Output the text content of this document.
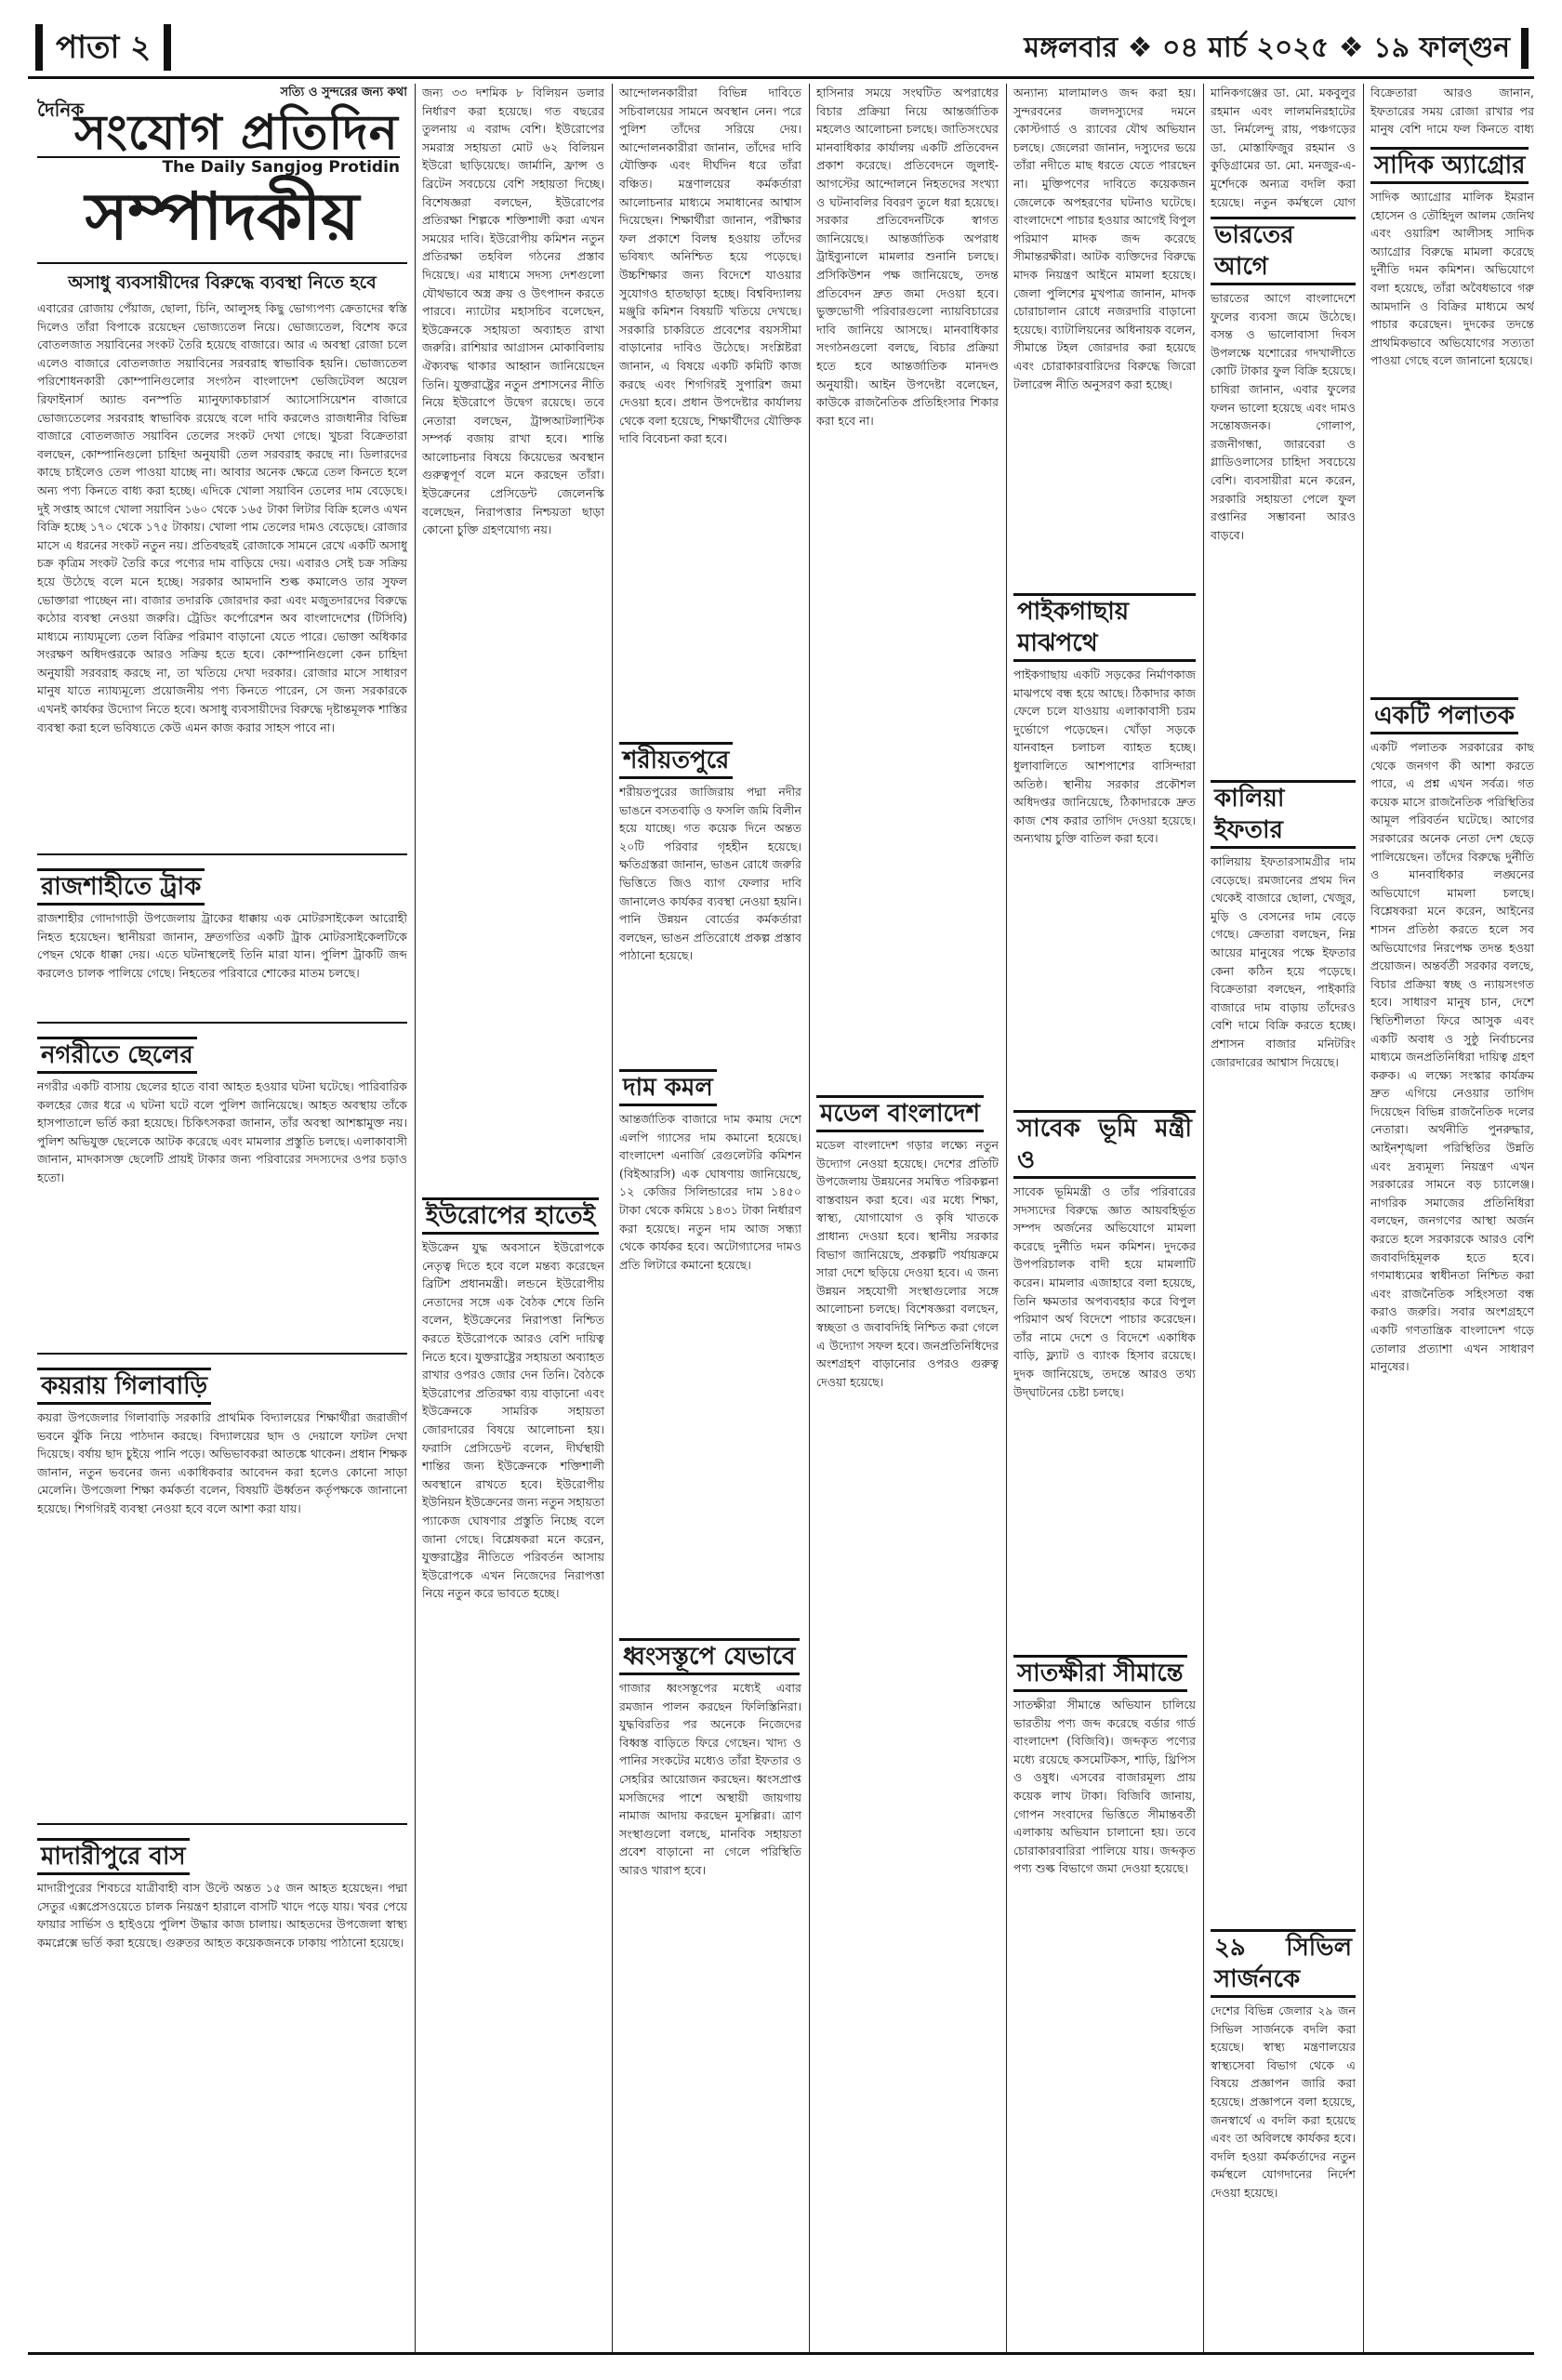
পাতা ২	মঙ্গলবার ❖ ০৪ মার্চ ২০২৫ ❖ ১৯ ফাল্গুন
সত্যি ও সুন্দরের জন্য কথা
দৈনিক
সংযোগ প্রতিদিন
The Daily Sangjog Protidin
সম্পাদকীয়
অসাধু ব্যবসায়ীদের বিরুদ্ধে ব্যবস্থা নিতে হবে

এবারের রোজায় পেঁয়াজ, ছোলা, চিনি, আলুসহ কিছু ভোগ্যপণ্য ক্রেতাদের স্বস্তি দিলেও তাঁরা বিপাকে রয়েছেন ভোজ্যতেল নিয়ে। ভোজ্যতেল, বিশেষ করে বোতলজাত সয়াবিনের সংকট তৈরি হয়েছে বাজারে। আর এ অবস্থা রোজা চলে এলেও বাজারে বোতলজাত সয়াবিনের সরবরাহ স্বাভাবিক হয়নি। ভোজ্যতেল পরিশোধনকারী কোম্পানিগুলোর সংগঠন বাংলাদেশ ভেজিটেবল অয়েল রিফাইনার্স অ্যান্ড বনস্পতি ম্যানুফ্যাকচারার্স অ্যাসোসিয়েশন বাজারে ভোজ্যতেলের সরবরাহ স্বাভাবিক রয়েছে বলে দাবি করলেও রাজধানীর বিভিন্ন বাজারে বোতলজাত সয়াবিন তেলের সংকট দেখা গেছে। খুচরা বিক্রেতারা বলছেন, কোম্পানিগুলো চাহিদা অনুযায়ী তেল সরবরাহ করছে না। ডিলারদের কাছে চাইলেও তেল পাওয়া যাচ্ছে না। আবার অনেক ক্ষেত্রে তেল কিনতে হলে অন্য পণ্য কিনতে বাধ্য করা হচ্ছে। এদিকে খোলা সয়াবিন তেলের দাম বেড়েছে। দুই সপ্তাহ আগে খোলা সয়াবিন ১৬০ থেকে ১৬৫ টাকা লিটার বিক্রি হলেও এখন বিক্রি হচ্ছে ১৭০ থেকে ১৭৫ টাকায়। খোলা পাম তেলের দামও বেড়েছে। রোজার মাসে এ ধরনের সংকট নতুন নয়। প্রতিবছরই রোজাকে সামনে রেখে একটি অসাধু চক্র কৃত্রিম সংকট তৈরি করে পণ্যের দাম বাড়িয়ে দেয়। এবারও সেই চক্র সক্রিয় হয়ে উঠেছে বলে মনে হচ্ছে। সরকার আমদানি শুল্ক কমালেও তার সুফল ভোক্তারা পাচ্ছেন না। বাজার তদারকি জোরদার করা এবং মজুতদারদের বিরুদ্ধে কঠোর ব্যবস্থা নেওয়া জরুরি। ট্রেডিং কর্পোরেশন অব বাংলাদেশের (টিসিবি) মাধ্যমে ন্যায্যমূল্যে তেল বিক্রির পরিমাণ বাড়ানো যেতে পারে। ভোক্তা অধিকার সংরক্ষণ অধিদপ্তরকে আরও সক্রিয় হতে হবে। কোম্পানিগুলো কেন চাহিদা অনুযায়ী সরবরাহ করছে না, তা খতিয়ে দেখা দরকার। রোজার মাসে সাধারণ মানুষ যাতে ন্যায্যমূল্যে প্রয়োজনীয় পণ্য কিনতে পারেন, সে জন্য সরকারকে এখনই কার্যকর উদ্যোগ নিতে হবে। অসাধু ব্যবসায়ীদের বিরুদ্ধে দৃষ্টান্তমূলক শাস্তির ব্যবস্থা করা হলে ভবিষ্যতে কেউ এমন কাজ করার সাহস পাবে না।

রাজশাহীতে ট্রাক

রাজশাহীর গোদাগাড়ী উপজেলায় ট্রাকের ধাক্কায় এক মোটরসাইকেল আরোহী নিহত হয়েছেন। স্থানীয়রা জানান, দ্রুতগতির একটি ট্রাক মোটরসাইকেলটিকে পেছন থেকে ধাক্কা দেয়। এতে ঘটনাস্থলেই তিনি মারা যান। পুলিশ ট্রাকটি জব্দ করলেও চালক পালিয়ে গেছে। নিহতের পরিবারে শোকের মাতম চলছে।

নগরীতে ছেলের

নগরীর একটি বাসায় ছেলের হাতে বাবা আহত হওয়ার ঘটনা ঘটেছে। পারিবারিক কলহের জের ধরে এ ঘটনা ঘটে বলে পুলিশ জানিয়েছে। আহত অবস্থায় তাঁকে হাসপাতালে ভর্তি করা হয়েছে। চিকিৎসকরা জানান, তাঁর অবস্থা আশঙ্কামুক্ত নয়। পুলিশ অভিযুক্ত ছেলেকে আটক করেছে এবং মামলার প্রস্তুতি চলছে। এলাকাবাসী জানান, মাদকাসক্ত ছেলেটি প্রায়ই টাকার জন্য পরিবারের সদস্যদের ওপর চড়াও হতো।

কয়রায় গিলাবাড়ি

কয়রা উপজেলার গিলাবাড়ি সরকারি প্রাথমিক বিদ্যালয়ের শিক্ষার্থীরা জরাজীর্ণ ভবনে ঝুঁকি নিয়ে পাঠদান করছে। বিদ্যালয়ের ছাদ ও দেয়ালে ফাটল দেখা দিয়েছে। বর্ষায় ছাদ চুইয়ে পানি পড়ে। অভিভাবকরা আতঙ্কে থাকেন। প্রধান শিক্ষক জানান, নতুন ভবনের জন্য একাধিকবার আবেদন করা হলেও কোনো সাড়া মেলেনি। উপজেলা শিক্ষা কর্মকর্তা বলেন, বিষয়টি ঊর্ধ্বতন কর্তৃপক্ষকে জানানো হয়েছে। শিগগিরই ব্যবস্থা নেওয়া হবে বলে আশা করা যায়।

মাদারীপুরে বাস

মাদারীপুরের শিবচরে যাত্রীবাহী বাস উল্টে অন্তত ১৫ জন আহত হয়েছেন। পদ্মা সেতুর এক্সপ্রেসওয়েতে চালক নিয়ন্ত্রণ হারালে বাসটি খাদে পড়ে যায়। খবর পেয়ে ফায়ার সার্ভিস ও হাইওয়ে পুলিশ উদ্ধার কাজ চালায়। আহতদের উপজেলা স্বাস্থ্য কমপ্লেক্সে ভর্তি করা হয়েছে। গুরুতর আহত কয়েকজনকে ঢাকায় পাঠানো হয়েছে।

জন্য ৩৩ দশমিক ৮ বিলিয়ন ডলার নির্ধারণ করা হয়েছে। গত বছরের তুলনায় এ বরাদ্দ বেশি। ইউরোপের সমরাস্ত্র সহায়তা মোট ৬২ বিলিয়ন ইউরো ছাড়িয়েছে। জার্মানি, ফ্রান্স ও ব্রিটেন সবচেয়ে বেশি সহায়তা দিচ্ছে। বিশেষজ্ঞরা বলছেন, ইউরোপের প্রতিরক্ষা শিল্পকে শক্তিশালী করা এখন সময়ের দাবি। ইউরোপীয় কমিশন নতুন প্রতিরক্ষা তহবিল গঠনের প্রস্তাব দিয়েছে। এর মাধ্যমে সদস্য দেশগুলো যৌথভাবে অস্ত্র ক্রয় ও উৎপাদন করতে পারবে। ন্যাটোর মহাসচিব বলেছেন, ইউক্রেনকে সহায়তা অব্যাহত রাখা জরুরি। রাশিয়ার আগ্রাসন মোকাবিলায় ঐক্যবদ্ধ থাকার আহ্বান জানিয়েছেন তিনি। যুক্তরাষ্ট্রের নতুন প্রশাসনের নীতি নিয়ে ইউরোপে উদ্বেগ রয়েছে। তবে নেতারা বলছেন, ট্রান্সআটলান্টিক সম্পর্ক বজায় রাখা হবে। শান্তি আলোচনার বিষয়ে কিয়েভের অবস্থান গুরুত্বপূর্ণ বলে মনে করছেন তাঁরা। ইউক্রেনের প্রেসিডেন্ট জেলেনস্কি বলেছেন, নিরাপত্তার নিশ্চয়তা ছাড়া কোনো চুক্তি গ্রহণযোগ্য নয়।

ইউরোপের হাতেই

ইউক্রেন যুদ্ধ অবসানে ইউরোপকে নেতৃত্ব দিতে হবে বলে মন্তব্য করেছেন ব্রিটিশ প্রধানমন্ত্রী। লন্ডনে ইউরোপীয় নেতাদের সঙ্গে এক বৈঠক শেষে তিনি বলেন, ইউক্রেনের নিরাপত্তা নিশ্চিত করতে ইউরোপকে আরও বেশি দায়িত্ব নিতে হবে। যুক্তরাষ্ট্রের সহায়তা অব্যাহত রাখার ওপরও জোর দেন তিনি। বৈঠকে ইউরোপের প্রতিরক্ষা ব্যয় বাড়ানো এবং ইউক্রেনকে সামরিক সহায়তা জোরদারের বিষয়ে আলোচনা হয়। ফরাসি প্রেসিডেন্ট বলেন, দীর্ঘস্থায়ী শান্তির জন্য ইউক্রেনকে শক্তিশালী অবস্থানে রাখতে হবে। ইউরোপীয় ইউনিয়ন ইউক্রেনের জন্য নতুন সহায়তা প্যাকেজ ঘোষণার প্রস্তুতি নিচ্ছে বলে জানা গেছে। বিশ্লেষকরা মনে করেন, যুক্তরাষ্ট্রের নীতিতে পরিবর্তন আসায় ইউরোপকে এখন নিজেদের নিরাপত্তা নিয়ে নতুন করে ভাবতে হচ্ছে।

আন্দোলনকারীরা বিভিন্ন দাবিতে সচিবালয়ের সামনে অবস্থান নেন। পরে পুলিশ তাঁদের সরিয়ে দেয়। আন্দোলনকারীরা জানান, তাঁদের দাবি যৌক্তিক এবং দীর্ঘদিন ধরে তাঁরা বঞ্চিত। মন্ত্রণালয়ের কর্মকর্তারা আলোচনার মাধ্যমে সমাধানের আশ্বাস দিয়েছেন। শিক্ষার্থীরা জানান, পরীক্ষার ফল প্রকাশে বিলম্ব হওয়ায় তাঁদের ভবিষ্যৎ অনিশ্চিত হয়ে পড়েছে। উচ্চশিক্ষার জন্য বিদেশে যাওয়ার সুযোগও হাতছাড়া হচ্ছে। বিশ্ববিদ্যালয় মঞ্জুরি কমিশন বিষয়টি খতিয়ে দেখছে। সরকারি চাকরিতে প্রবেশের বয়সসীমা বাড়ানোর দাবিও উঠেছে। সংশ্লিষ্টরা জানান, এ বিষয়ে একটি কমিটি কাজ করছে এবং শিগগিরই সুপারিশ জমা দেওয়া হবে। প্রধান উপদেষ্টার কার্যালয় থেকে বলা হয়েছে, শিক্ষার্থীদের যৌক্তিক দাবি বিবেচনা করা হবে।

শরীয়তপুরে

শরীয়তপুরের জাজিরায় পদ্মা নদীর ভাঙনে বসতবাড়ি ও ফসলি জমি বিলীন হয়ে যাচ্ছে। গত কয়েক দিনে অন্তত ২০টি পরিবার গৃহহীন হয়েছে। ক্ষতিগ্রস্তরা জানান, ভাঙন রোধে জরুরি ভিত্তিতে জিও ব্যাগ ফেলার দাবি জানালেও কার্যকর ব্যবস্থা নেওয়া হয়নি। পানি উন্নয়ন বোর্ডের কর্মকর্তারা বলছেন, ভাঙন প্রতিরোধে প্রকল্প প্রস্তাব পাঠানো হয়েছে।

দাম কমল

আন্তর্জাতিক বাজারে দাম কমায় দেশে এলপি গ্যাসের দাম কমানো হয়েছে। বাংলাদেশ এনার্জি রেগুলেটরি কমিশন (বিইআরসি) এক ঘোষণায় জানিয়েছে, ১২ কেজির সিলিন্ডারের দাম ১৪৫০ টাকা থেকে কমিয়ে ১৪৩১ টাকা নির্ধারণ করা হয়েছে। নতুন দাম আজ সন্ধ্যা থেকে কার্যকর হবে। অটোগ্যাসের দামও প্রতি লিটারে কমানো হয়েছে।

ধ্বংসস্তূপে যেভাবে

গাজার ধ্বংসস্তূপের মধ্যেই এবার রমজান পালন করছেন ফিলিস্তিনিরা। যুদ্ধবিরতির পর অনেকে নিজেদের বিধ্বস্ত বাড়িতে ফিরে গেছেন। খাদ্য ও পানির সংকটের মধ্যেও তাঁরা ইফতার ও সেহরির আয়োজন করছেন। ধ্বংসপ্রাপ্ত মসজিদের পাশে অস্থায়ী জায়গায় নামাজ আদায় করছেন মুসল্লিরা। ত্রাণ সংস্থাগুলো বলছে, মানবিক সহায়তা প্রবেশ বাড়ানো না গেলে পরিস্থিতি আরও খারাপ হবে।

হাসিনার সময়ে সংঘটিত অপরাধের বিচার প্রক্রিয়া নিয়ে আন্তর্জাতিক মহলেও আলোচনা চলছে। জাতিসংঘের মানবাধিকার কার্যালয় একটি প্রতিবেদন প্রকাশ করেছে। প্রতিবেদনে জুলাই-আগস্টের আন্দোলনে নিহতদের সংখ্যা ও ঘটনাবলির বিবরণ তুলে ধরা হয়েছে। সরকার প্রতিবেদনটিকে স্বাগত জানিয়েছে। আন্তর্জাতিক অপরাধ ট্রাইব্যুনালে মামলার শুনানি চলছে। প্রসিকিউশন পক্ষ জানিয়েছে, তদন্ত প্রতিবেদন দ্রুত জমা দেওয়া হবে। ভুক্তভোগী পরিবারগুলো ন্যায়বিচারের দাবি জানিয়ে আসছে। মানবাধিকার সংগঠনগুলো বলছে, বিচার প্রক্রিয়া হতে হবে আন্তর্জাতিক মানদণ্ড অনুযায়ী। আইন উপদেষ্টা বলেছেন, কাউকে রাজনৈতিক প্রতিহিংসার শিকার করা হবে না।

মডেল বাংলাদেশ

মডেল বাংলাদেশ গড়ার লক্ষ্যে নতুন উদ্যোগ নেওয়া হয়েছে। দেশের প্রতিটি উপজেলায় উন্নয়নের সমন্বিত পরিকল্পনা বাস্তবায়ন করা হবে। এর মধ্যে শিক্ষা, স্বাস্থ্য, যোগাযোগ ও কৃষি খাতকে প্রাধান্য দেওয়া হবে। স্থানীয় সরকার বিভাগ জানিয়েছে, প্রকল্পটি পর্যায়ক্রমে সারা দেশে ছড়িয়ে দেওয়া হবে। এ জন্য উন্নয়ন সহযোগী সংস্থাগুলোর সঙ্গে আলোচনা চলছে। বিশেষজ্ঞরা বলছেন, স্বচ্ছতা ও জবাবদিহি নিশ্চিত করা গেলে এ উদ্যোগ সফল হবে। জনপ্রতিনিধিদের অংশগ্রহণ বাড়ানোর ওপরও গুরুত্ব দেওয়া হয়েছে।

অন্যান্য মালামালও জব্দ করা হয়। সুন্দরবনের জলদস্যুদের দমনে কোস্টগার্ড ও র‌্যাবের যৌথ অভিযান চলছে। জেলেরা জানান, দস্যুদের ভয়ে তাঁরা নদীতে মাছ ধরতে যেতে পারছেন না। মুক্তিপণের দাবিতে কয়েকজন জেলেকে অপহরণের ঘটনাও ঘটেছে। বাংলাদেশে পাচার হওয়ার আগেই বিপুল পরিমাণ মাদক জব্দ করেছে সীমান্তরক্ষীরা। আটক ব্যক্তিদের বিরুদ্ধে মাদক নিয়ন্ত্রণ আইনে মামলা হয়েছে। জেলা পুলিশের মুখপাত্র জানান, মাদক চোরাচালান রোধে নজরদারি বাড়ানো হয়েছে। ব্যাটালিয়নের অধিনায়ক বলেন, সীমান্তে টহল জোরদার করা হয়েছে এবং চোরাকারবারিদের বিরুদ্ধে জিরো টলারেন্স নীতি অনুসরণ করা হচ্ছে।

পাইকগাছায় মাঝপথে

পাইকগাছায় একটি সড়কের নির্মাণকাজ মাঝপথে বন্ধ হয়ে আছে। ঠিকাদার কাজ ফেলে চলে যাওয়ায় এলাকাবাসী চরম দুর্ভোগে পড়েছেন। খোঁড়া সড়কে যানবাহন চলাচল ব্যাহত হচ্ছে। ধুলাবালিতে আশপাশের বাসিন্দারা অতিষ্ঠ। স্থানীয় সরকার প্রকৌশল অধিদপ্তর জানিয়েছে, ঠিকাদারকে দ্রুত কাজ শেষ করার তাগিদ দেওয়া হয়েছে। অন্যথায় চুক্তি বাতিল করা হবে।

সাবেক ভূমি মন্ত্রী ও

সাবেক ভূমিমন্ত্রী ও তাঁর পরিবারের সদস্যদের বিরুদ্ধে জ্ঞাত আয়বহির্ভূত সম্পদ অর্জনের অভিযোগে মামলা করেছে দুর্নীতি দমন কমিশন। দুদকের উপপরিচালক বাদী হয়ে মামলাটি করেন। মামলার এজাহারে বলা হয়েছে, তিনি ক্ষমতার অপব্যবহার করে বিপুল পরিমাণ অর্থ বিদেশে পাচার করেছেন। তাঁর নামে দেশে ও বিদেশে একাধিক বাড়ি, ফ্ল্যাট ও ব্যাংক হিসাব রয়েছে। দুদক জানিয়েছে, তদন্তে আরও তথ্য উদ্‌ঘাটনের চেষ্টা চলছে।

সাতক্ষীরা সীমান্তে

সাতক্ষীরা সীমান্তে অভিযান চালিয়ে ভারতীয় পণ্য জব্দ করেছে বর্ডার গার্ড বাংলাদেশ (বিজিবি)। জব্দকৃত পণ্যের মধ্যে রয়েছে কসমেটিকস, শাড়ি, থ্রিপিস ও ওষুধ। এসবের বাজারমূল্য প্রায় কয়েক লাখ টাকা। বিজিবি জানায়, গোপন সংবাদের ভিত্তিতে সীমান্তবর্তী এলাকায় অভিযান চালানো হয়। তবে চোরাকারবারিরা পালিয়ে যায়। জব্দকৃত পণ্য শুল্ক বিভাগে জমা দেওয়া হয়েছে।

মানিকগঞ্জের ডা. মো. মকবুলুর রহমান এবং লালমনিরহাটের ডা. নির্মলেন্দু রায়, পঞ্চগড়ের ডা. মোস্তাফিজুর রহমান ও কুড়িগ্রামের ডা. মো. মনজুর-এ-মুর্শেদকে অন্যত্র বদলি করা হয়েছে। নতুন কর্মস্থলে যোগ

ভারতের আগে

ভারতের আগে বাংলাদেশে ফুলের ব্যবসা জমে উঠেছে। বসন্ত ও ভালোবাসা দিবস উপলক্ষে যশোরের গদখালীতে কোটি টাকার ফুল বিক্রি হয়েছে। চাষিরা জানান, এবার ফুলের ফলন ভালো হয়েছে এবং দামও সন্তোষজনক। গোলাপ, রজনীগন্ধা, জারবেরা ও গ্লাডিওলাসের চাহিদা সবচেয়ে বেশি। ব্যবসায়ীরা মনে করেন, সরকারি সহায়তা পেলে ফুল রপ্তানির সম্ভাবনা আরও বাড়বে।

কালিয়া ইফতার

কালিয়ায় ইফতারসামগ্রীর দাম বেড়েছে। রমজানের প্রথম দিন থেকেই বাজারে ছোলা, খেজুর, মুড়ি ও বেসনের দাম বেড়ে গেছে। ক্রেতারা বলছেন, নিম্ন আয়ের মানুষের পক্ষে ইফতার কেনা কঠিন হয়ে পড়েছে। বিক্রেতারা বলছেন, পাইকারি বাজারে দাম বাড়ায় তাঁদেরও বেশি দামে বিক্রি করতে হচ্ছে। প্রশাসন বাজার মনিটরিং জোরদারের আশ্বাস দিয়েছে।

২৯ সিভিল সার্জনকে

দেশের বিভিন্ন জেলার ২৯ জন সিভিল সার্জনকে বদলি করা হয়েছে। স্বাস্থ্য মন্ত্রণালয়ের স্বাস্থ্যসেবা বিভাগ থেকে এ বিষয়ে প্রজ্ঞাপন জারি করা হয়েছে। প্রজ্ঞাপনে বলা হয়েছে, জনস্বার্থে এ বদলি করা হয়েছে এবং তা অবিলম্বে কার্যকর হবে। বদলি হওয়া কর্মকর্তাদের নতুন কর্মস্থলে যোগদানের নির্দেশ দেওয়া হয়েছে।

বিক্রেতারা আরও জানান, ইফতারের সময় রোজা রাখার পর মানুষ বেশি দামে ফল কিনতে বাধ্য

সাদিক অ্যাগ্রোর

সাদিক অ্যাগ্রোর মালিক ইমরান হোসেন ও তৌহিদুল আলম জেনিথ এবং ওয়ারিশ আলীসহ সাদিক অ্যাগ্রোর বিরুদ্ধে মামলা করেছে দুর্নীতি দমন কমিশন। অভিযোগে বলা হয়েছে, তাঁরা অবৈধভাবে গরু আমদানি ও বিক্রির মাধ্যমে অর্থ পাচার করেছেন। দুদকের তদন্তে প্রাথমিকভাবে অভিযোগের সত্যতা পাওয়া গেছে বলে জানানো হয়েছে।

একটি পলাতক

একটি পলাতক সরকারের কাছ থেকে জনগণ কী আশা করতে পারে, এ প্রশ্ন এখন সর্বত্র। গত কয়েক মাসে রাজনৈতিক পরিস্থিতির আমূল পরিবর্তন ঘটেছে। আগের সরকারের অনেক নেতা দেশ ছেড়ে পালিয়েছেন। তাঁদের বিরুদ্ধে দুর্নীতি ও মানবাধিকার লঙ্ঘনের অভিযোগে মামলা চলছে। বিশ্লেষকরা মনে করেন, আইনের শাসন প্রতিষ্ঠা করতে হলে সব অভিযোগের নিরপেক্ষ তদন্ত হওয়া প্রয়োজন। অন্তর্বর্তী সরকার বলছে, বিচার প্রক্রিয়া স্বচ্ছ ও ন্যায়সংগত হবে। সাধারণ মানুষ চান, দেশে স্থিতিশীলতা ফিরে আসুক এবং একটি অবাধ ও সুষ্ঠু নির্বাচনের মাধ্যমে জনপ্রতিনিধিরা দায়িত্ব গ্রহণ করুক। এ লক্ষ্যে সংস্কার কার্যক্রম দ্রুত এগিয়ে নেওয়ার তাগিদ দিয়েছেন বিভিন্ন রাজনৈতিক দলের নেতারা। অর্থনীতি পুনরুদ্ধার, আইনশৃঙ্খলা পরিস্থিতির উন্নতি এবং দ্রব্যমূল্য নিয়ন্ত্রণ এখন সরকারের সামনে বড় চ্যালেঞ্জ। নাগরিক সমাজের প্রতিনিধিরা বলছেন, জনগণের আস্থা অর্জন করতে হলে সরকারকে আরও বেশি জবাবদিহিমূলক হতে হবে। গণমাধ্যমের স্বাধীনতা নিশ্চিত করা এবং রাজনৈতিক সহিংসতা বন্ধ করাও জরুরি। সবার অংশগ্রহণে একটি গণতান্ত্রিক বাংলাদেশ গড়ে তোলার প্রত্যাশা এখন সাধারণ মানুষের।
